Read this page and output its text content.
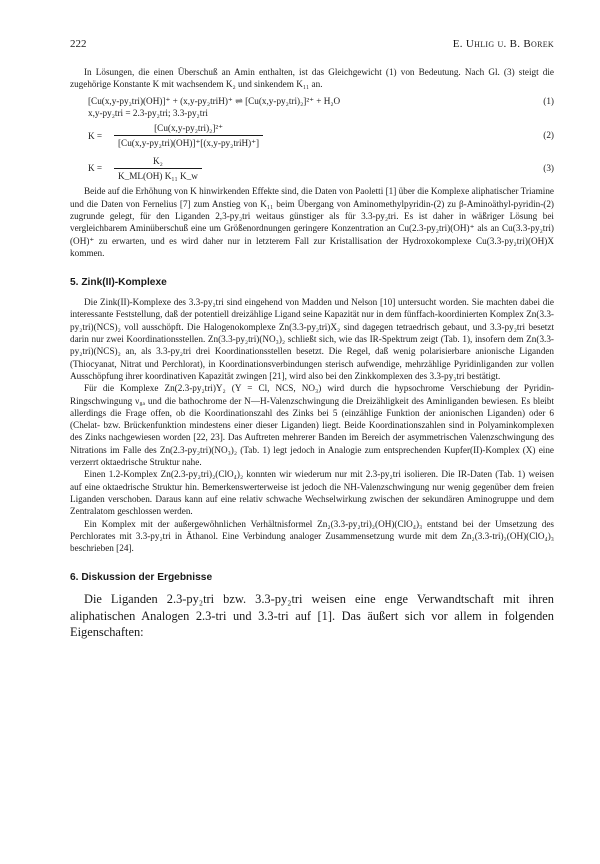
222	E. Uhlig u. B. Borek

In Lösungen, die einen Überschuß an Amin enthalten, ist das Gleichgewicht (1) von Bedeutung. Nach Gl. (3) steigt die zugehörige Konstante K mit wachsendem K₂ und sinkendem K₁₁ an.

[Cu(x,y-py₂tri)(OH)]⁺ + (x,y-py₂triH)⁺ ⇌ [Cu(x,y-py₂tri)₂]²⁺ + H₂O	(1)
x,y-py₂tri = 2.3-py₂tri; 3.3-py₂tri
K =	$\frac{\text{[Cu(x,y-py₂tri)₂]²⁺}}{\text{[Cu(x,y-py₂tri)(OH)]⁺[(x,y-py₂triH)⁺]}}$	(2)
K =	$\frac{\text{K₂}}{\text{K\_ML(OH) K₁₁ K\_w}}$	(3)

Beide auf die Erhöhung von K hinwirkenden Effekte sind, die Daten von Paoletti [1] über die Komplexe aliphatischer Triamine und die Daten von Fernelius [7] zum Anstieg von K₁₁ beim Übergang von Aminomethylpyridin-(2) zu β-Aminoäthyl-pyridin-(2) zugrunde gelegt, für den Liganden 2,3-py₂tri weitaus günstiger als für 3.3-py₂tri. Es ist daher in wäßriger Lösung bei vergleichbarem Aminüberschuß eine um Größenordnungen geringere Konzentration an Cu(2.3-py₂tri)(OH)⁺ als an Cu(3.3-py₂tri)(OH)⁺ zu erwarten, und es wird daher nur in letzterem Fall zur Kristallisation der Hydroxokomplexe Cu(3.3-py₂tri)(OH)X kommen.

5. Zink(II)-Komplexe

Die Zink(II)-Komplexe des 3.3-py₂tri sind eingehend von Madden und Nelson [10] untersucht worden. Sie machten dabei die interessante Feststellung, daß der potentiell dreizählige Ligand seine Kapazität nur in dem fünffach-koordinierten Komplex Zn(3.3-py₂tri)(NCS)₂ voll ausschöpft. Die Halogenokomplexe Zn(3.3-py₂tri)X₂ sind dagegen tetraedrisch gebaut, und 3.3-py₂tri besetzt darin nur zwei Koordinationsstellen. Zn(3.3-py₂tri)(NO₃)₂ schließt sich, wie das IR-Spektrum zeigt (Tab. 1), insofern dem Zn(3.3-py₂tri)(NCS)₂ an, als 3.3-py₂tri drei Koordinationsstellen besetzt. Die Regel, daß wenig polarisierbare anionische Liganden (Thiocyanat, Nitrat und Perchlorat), in Koordinationsverbindungen sterisch aufwendige, mehrzählige Pyridinliganden zur vollen Ausschöpfung ihrer koordinativen Kapazität zwingen [21], wird also bei den Zinkkomplexen des 3.3-py₂tri bestätigt.

Für die Komplexe Zn(2.3-py₂tri)Y₂ (Y = Cl, NCS, NO₃) wird durch die hypsochrome Verschiebung der Pyridin-Ringschwingung ν₈ₐ und die bathochrome der N—H-Valenzschwingung die Dreizähligkeit des Aminliganden bewiesen. Es bleibt allerdings die Frage offen, ob die Koordinationszahl des Zinks bei 5 (einzählige Funktion der anionischen Liganden) oder 6 (Chelat- bzw. Brückenfunktion mindestens einer dieser Liganden) liegt. Beide Koordinationszahlen sind in Polyaminkomplexen des Zinks nachgewiesen worden [22, 23]. Das Auftreten mehrerer Banden im Bereich der asymmetrischen Valenzschwingung des Nitrations im Falle des Zn(2.3-py₂tri)(NO₃)₂ (Tab. 1) legt jedoch in Analogie zum entsprechenden Kupfer(II)-Komplex (X) eine verzerrt oktaedrische Struktur nahe.

Einen 1.2-Komplex Zn(2.3-py₂tri)₂(ClO₄)₂ konnten wir wiederum nur mit 2.3-py₂tri isolieren. Die IR-Daten (Tab. 1) weisen auf eine oktaedrische Struktur hin. Bemerkenswerterweise ist jedoch die NH-Valenzschwingung nur wenig gegenüber dem freien Liganden verschoben. Daraus kann auf eine relativ schwache Wechselwirkung zwischen der sekundären Aminogruppe und dem Zentralatom geschlossen werden.

Ein Komplex mit der außergewöhnlichen Verhältnisformel Zn₂(3.3-py₂tri)₂(OH)(ClO₄)₃ entstand bei der Umsetzung des Perchlorates mit 3.3-py₂tri in Äthanol. Eine Verbindung analoger Zusammensetzung wurde mit dem Zn₂(3.3-tri)₂(OH)(ClO₄)₃ beschrieben [24].

6. Diskussion der Ergebnisse

Die Liganden 2.3-py₂tri bzw. 3.3-py₂tri weisen eine enge Verwandtschaft mit ihren aliphatischen Analogen 2.3-tri und 3.3-tri auf [1]. Das äußert sich vor allem in folgenden Eigenschaften:
